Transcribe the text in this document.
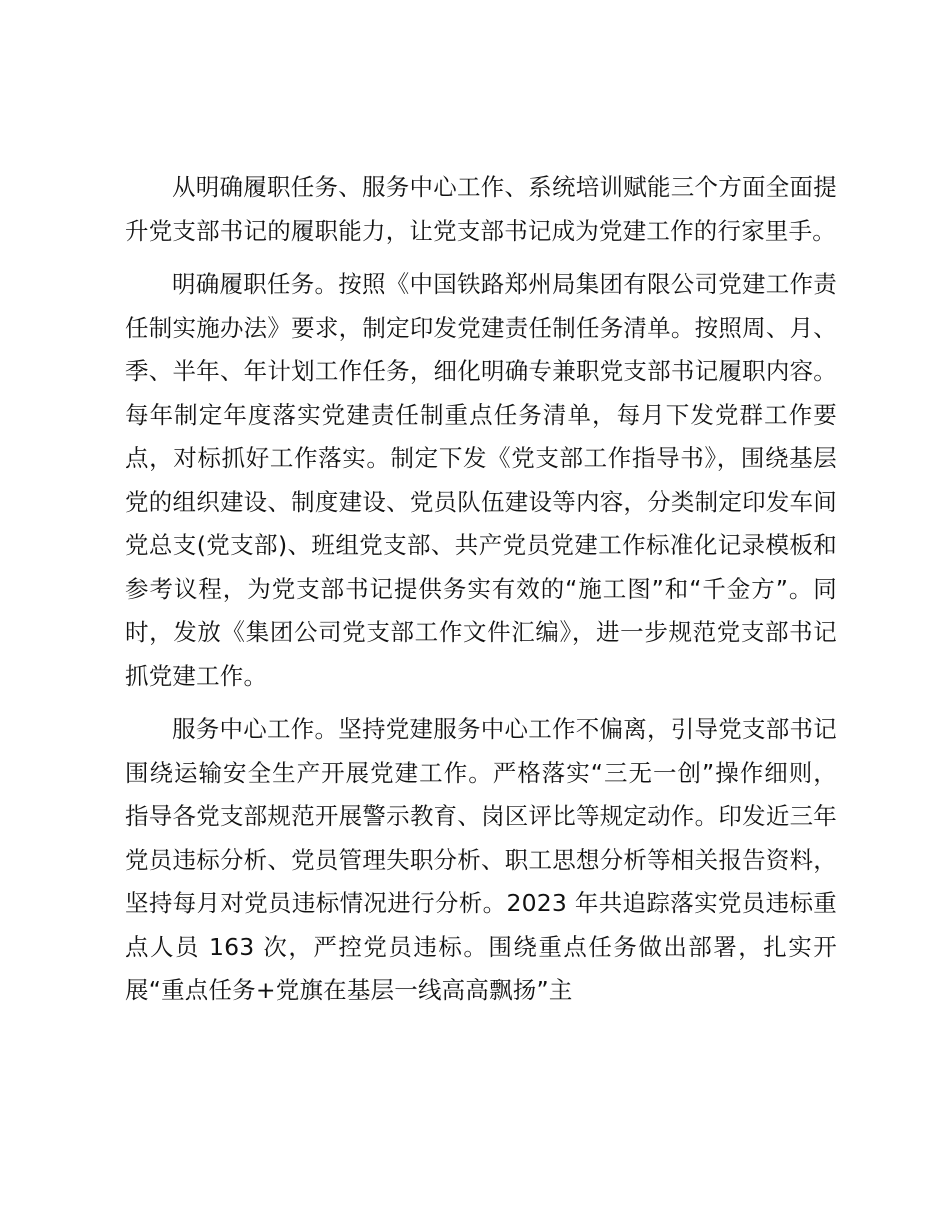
从明确履职任务、服务中心工作、系统培训赋能三个方面全面提升党支部书记的履职能力，让党支部书记成为党建工作的行家里手。

明确履职任务。按照《中国铁路郑州局集团有限公司党建工作责任制实施办法》要求，制定印发党建责任制任务清单。按照周、月、季、半年、年计划工作任务，细化明确专兼职党支部书记履职内容。每年制定年度落实党建责任制重点任务清单，每月下发党群工作要点，对标抓好工作落实。制定下发《党支部工作指导书》，围绕基层党的组织建设、制度建设、党员队伍建设等内容，分类制定印发车间党总支(党支部)、班组党支部、共产党员党建工作标准化记录模板和参考议程，为党支部书记提供务实有效的“施工图”和“千金方”。同时，发放《集团公司党支部工作文件汇编》，进一步规范党支部书记抓党建工作。

服务中心工作。坚持党建服务中心工作不偏离，引导党支部书记围绕运输安全生产开展党建工作。严格落实“三无一创”操作细则，指导各党支部规范开展警示教育、岗区评比等规定动作。印发近三年党员违标分析、党员管理失职分析、职工思想分析等相关报告资料，坚持每月对党员违标情况进行分析。2023 年共追踪落实党员违标重点人员 163 次，严控党员违标。围绕重点任务做出部署，扎实开展“重点任务+党旗在基层一线高高飘扬”主
